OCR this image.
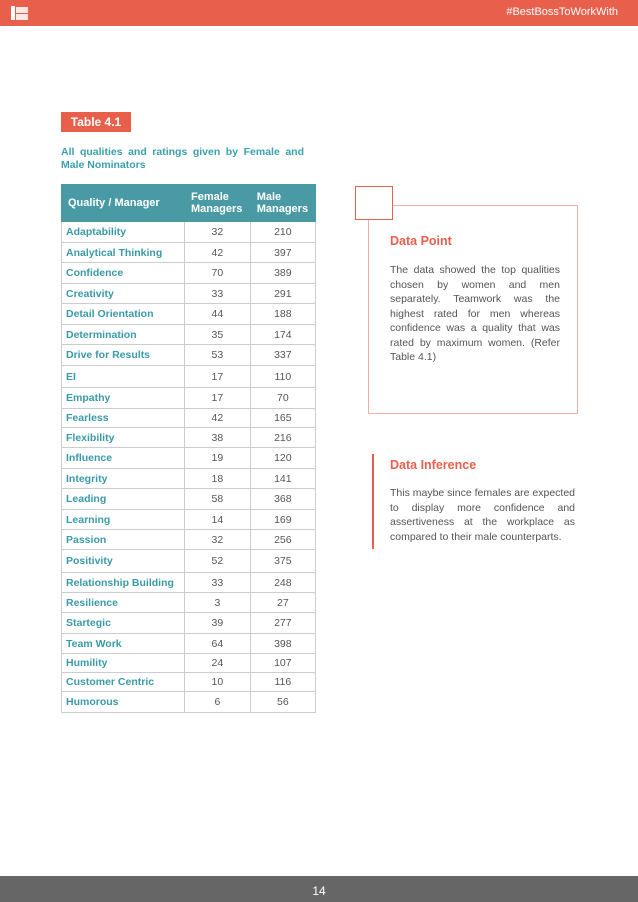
#BestBossToWorkWith
Table 4.1
All qualities and ratings given by Female and Male Nominators
Quality / Manager	Female Managers	Male Managers
Adaptability	32	210
Analytical Thinking	42	397
Confidence	70	389
Creativity	33	291
Detail Orientation	44	188
Determination	35	174
Drive for Results	53	337
EI	17	110
Empathy	17	70
Fearless	42	165
Flexibility	38	216
Influence	19	120
Integrity	18	141
Leading	58	368
Learning	14	169
Passion	32	256
Positivity	52	375
Relationship Building	33	248
Resilience	3	27
Startegic	39	277
Team Work	64	398
Humility	24	107
Customer Centric	10	116
Humorous	6	56
Data Point
The data showed the top qualities chosen by women and men separately. Teamwork was the highest rated for men whereas confidence was a quality that was rated by maximum women. (Refer Table 4.1)
Data Inference
This maybe since females are expected to display more confidence and assertiveness at the workplace as compared to their male counterparts.
14
